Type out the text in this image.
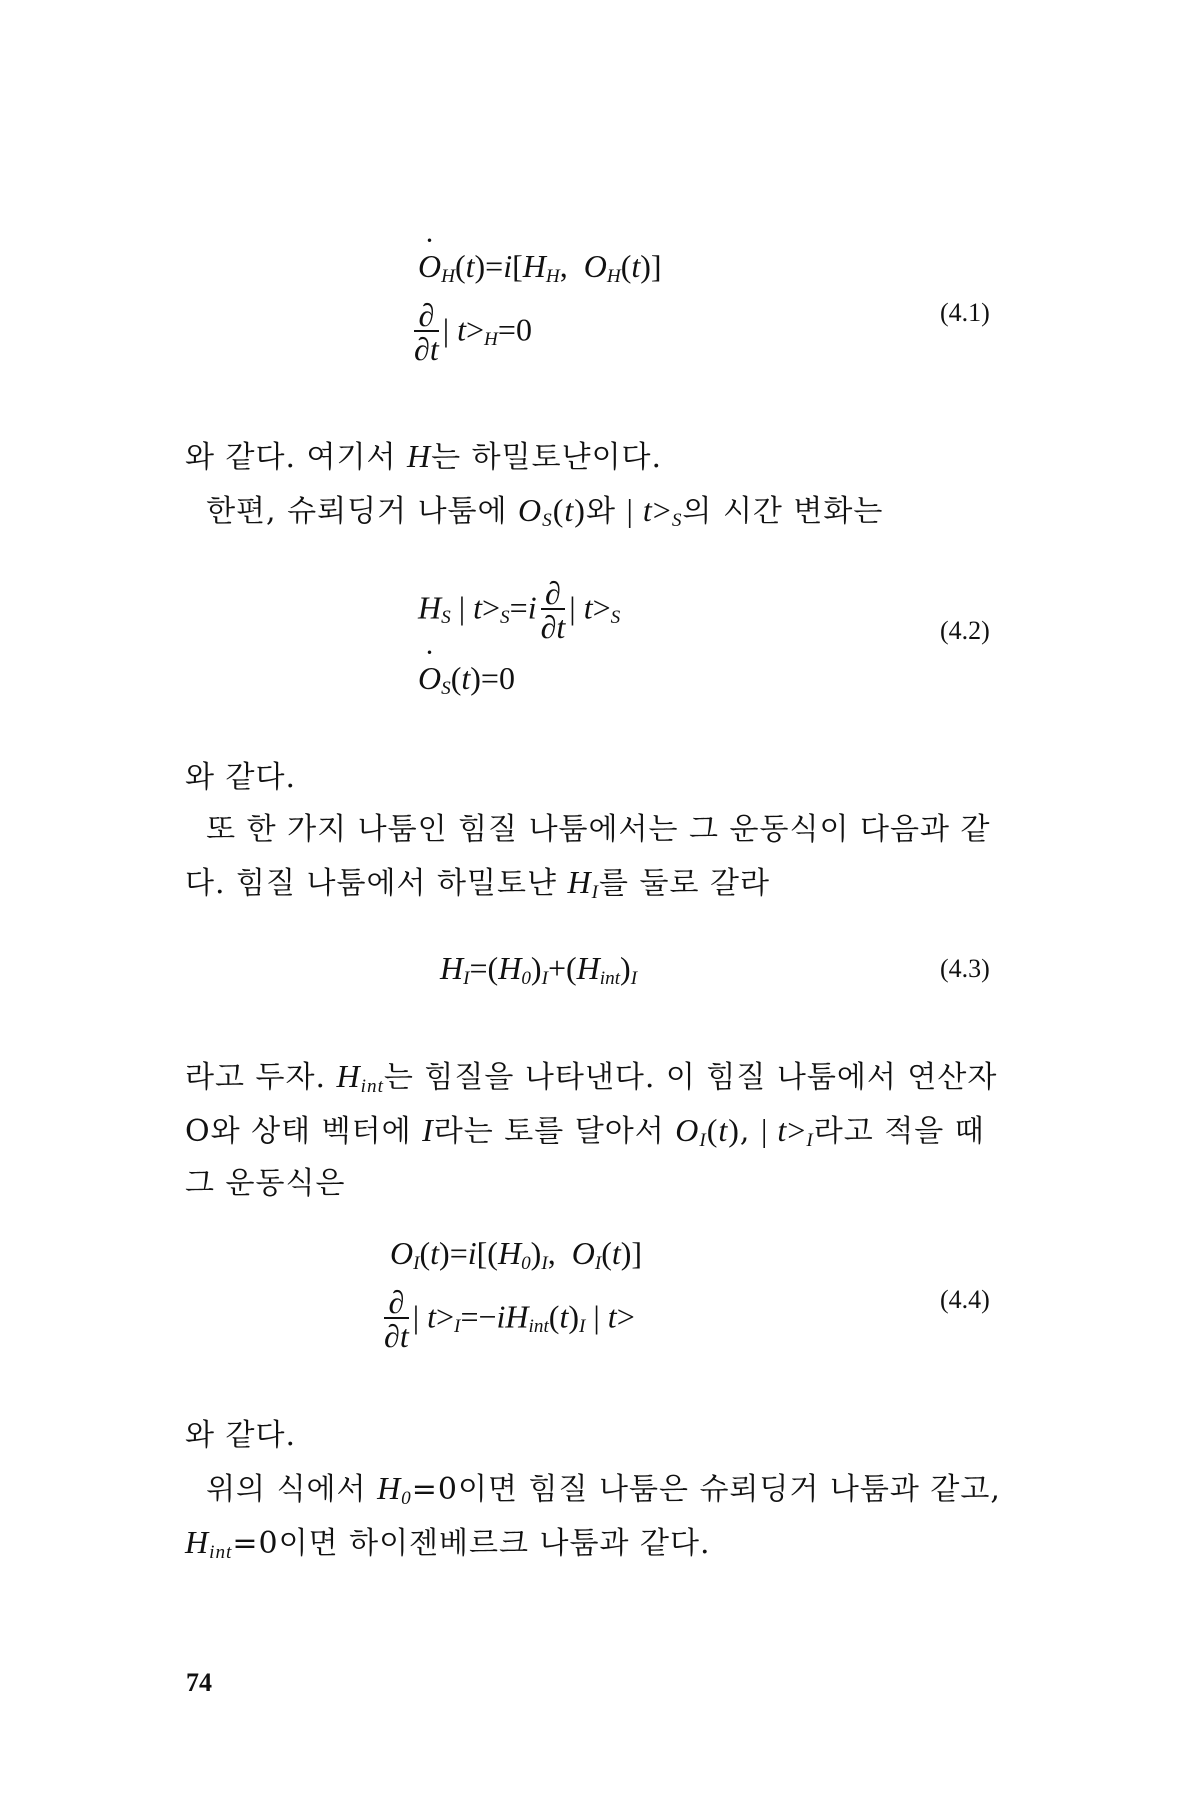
· $O_H(t)=i[H_H$,  $O_H(t)$]
$\frac{\partial}{\partial t}$ | $t>_H=0$	(4.1)
와 같다. 여기서 H는 하밀토냔이다.
한편, 슈뢰딩거 나툼에 $O_S(t)$와 | $t>_S$의 시간 변화는
$H_S$ | $t>_S=i \frac{\partial}{\partial t}$ | $t>_S$
· $O_S(t)=0$
(4.2)
와 같다.
또 한 가지 나툼인 힘질 나툼에서는 그 운동식이 다음과 같다. 힘질 나툼에서 하밀토냔 $H_I$를 둘로 갈라
$H_I=(H_0)_I+(H_{int})_I$	(4.3)
라고 두자. $H_{int}$는 힘질을 나타낸다. 이 힘질 나툼에서 연산자 O와 상태 벡터에 I라는 토를 달아서 $O_I(t)$, | $t>_I$라고 적을 때 그 운동식은
$O_I(t)=i[(H_0)_I$,  $O_I(t)$]
$\frac{\partial}{\partial t}$ | $t>_I=-iH_{int}(t)_I$ | t>	(4.4)
와 같다.
위의 식에서 $H_0=0$이면 힘질 나툼은 슈뢰딩거 나툼과 같고, $H_{int}=0$이면 하이젠베르크 나툼과 같다.
74
